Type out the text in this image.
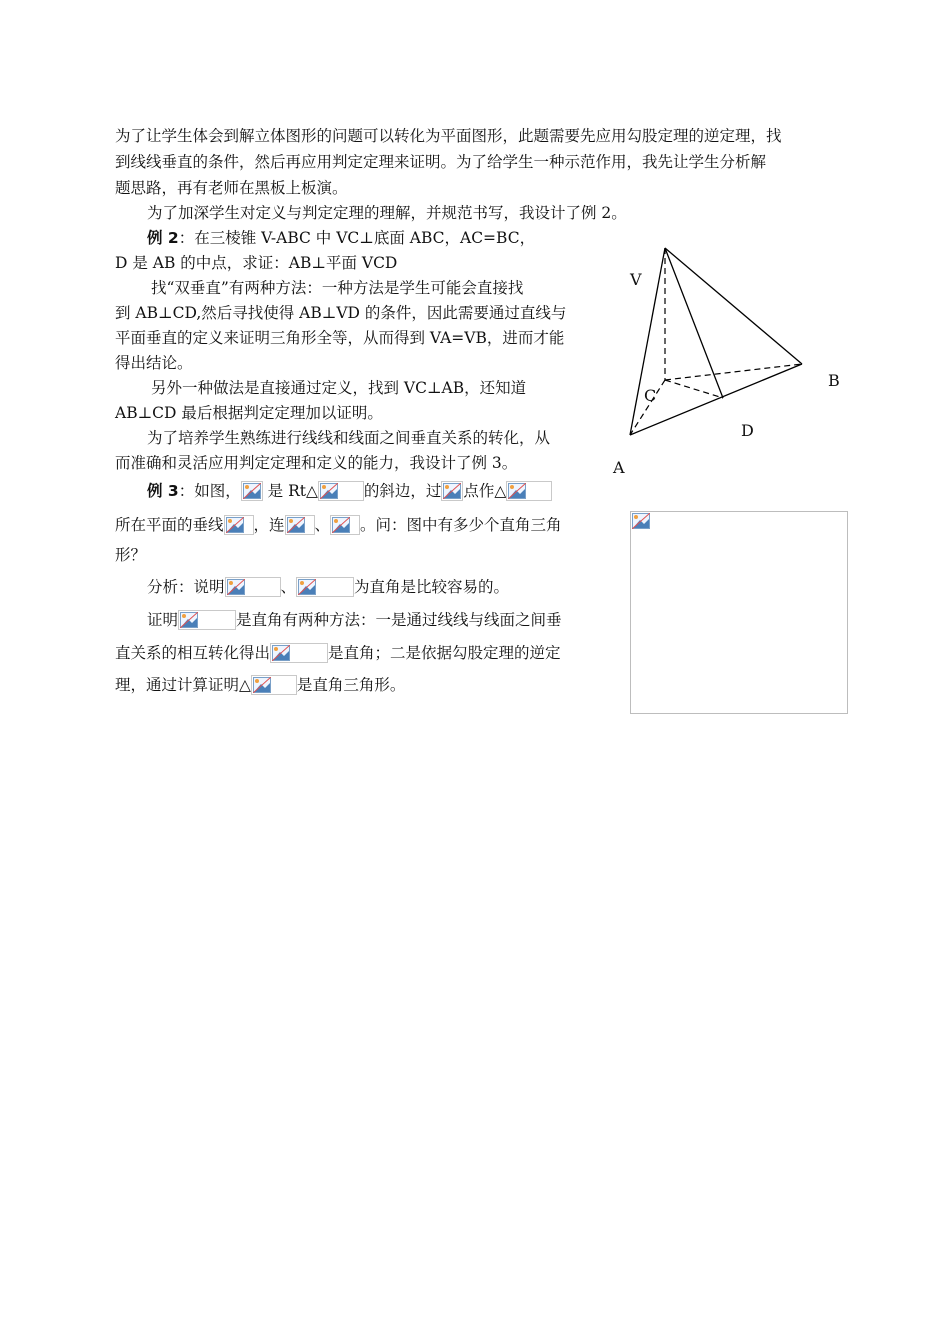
为了让学生体会到解立体图形的问题可以转化为平面图形，此题需要先应用勾股定理的逆定理，找
到线线垂直的条件，然后再应用判定定理来证明。为了给学生一种示范作用，我先让学生分析解
题思路，再有老师在黑板上板演。
为了加深学生对定义与判定定理的理解，并规范书写，我设计了例 2。
例 2：在三棱锥 V-ABC 中 VC⊥底面 ABC，AC=BC，
D 是 AB 的中点，求证：AB⊥平面 VCD
找“双垂直”有两种方法：一种方法是学生可能会直接找
到 AB⊥CD,然后寻找使得 AB⊥VD 的条件，因此需要通过直线与
平面垂直的定义来证明三角形全等，从而得到 VA=VB，进而才能
得出结论。
另外一种做法是直接通过定义，找到 VC⊥AB，还知道
AB⊥CD 最后根据判定定理加以证明。
为了培养学生熟练进行线线和线面之间垂直关系的转化，从
而准确和灵活应用判定定理和定义的能力，我设计了例 3。
例 3：如图， 是 Rt△	的斜边，过 点作△
所在平面的垂线 ，连 、 。问：图中有多少个直角三角
形？
分析：说明	、	为直角是比较容易的。
证明	是直角有两种方法：一是通过线线与线面之间垂
直关系的相互转化得出	是直角；二是依据勾股定理的逆定
理，通过计算证明△	是直角三角形。
V
B
C
D
A
